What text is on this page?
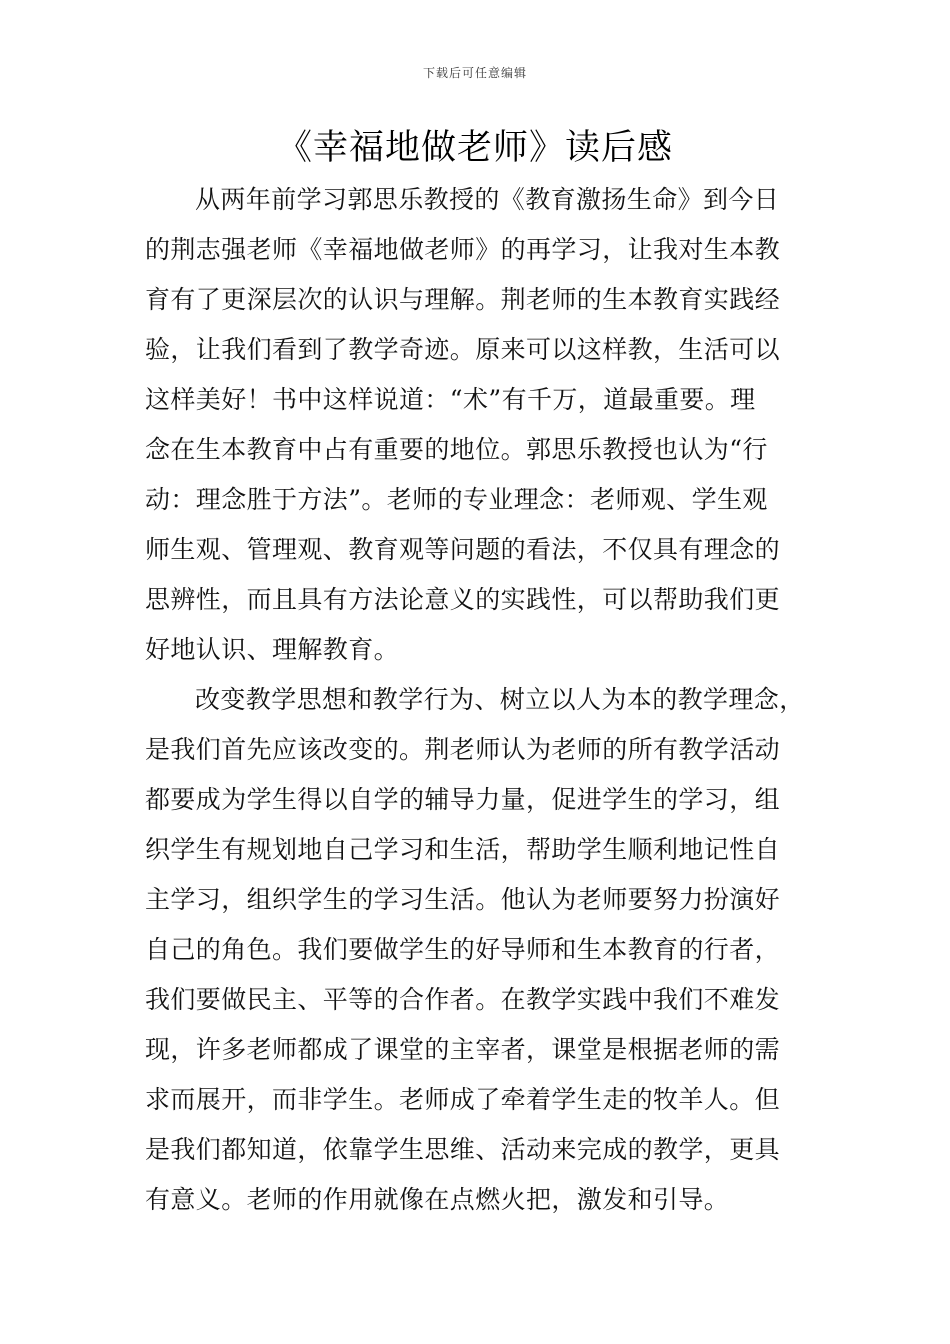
下载后可任意编辑
《幸福地做老师》读后感

从两年前学习郭思乐教授的《教育激扬生命》到今日
的荆志强老师《幸福地做老师》的再学习，让我对生本教
育有了更深层次的认识与理解。荆老师的生本教育实践经
验，让我们看到了教学奇迹。原来可以这样教，生活可以
这样美好！书中这样说道：“术”有千万，道最重要。理
念在生本教育中占有重要的地位。郭思乐教授也认为“行
动：理念胜于方法”。老师的专业理念：老师观、学生观
师生观、管理观、教育观等问题的看法，不仅具有理念的
思辨性，而且具有方法论意义的实践性，可以帮助我们更
好地认识、理解教育。

改变教学思想和教学行为、树立以人为本的教学理念，
是我们首先应该改变的。荆老师认为老师的所有教学活动
都要成为学生得以自学的辅导力量，促进学生的学习，组
织学生有规划地自己学习和生活，帮助学生顺利地记性自
主学习，组织学生的学习生活。他认为老师要努力扮演好
自己的角色。我们要做学生的好导师和生本教育的行者，
我们要做民主、平等的合作者。在教学实践中我们不难发
现，许多老师都成了课堂的主宰者，课堂是根据老师的需
求而展开，而非学生。老师成了牵着学生走的牧羊人。但
是我们都知道，依靠学生思维、活动来完成的教学，更具
有意义。老师的作用就像在点燃火把，激发和引导。
